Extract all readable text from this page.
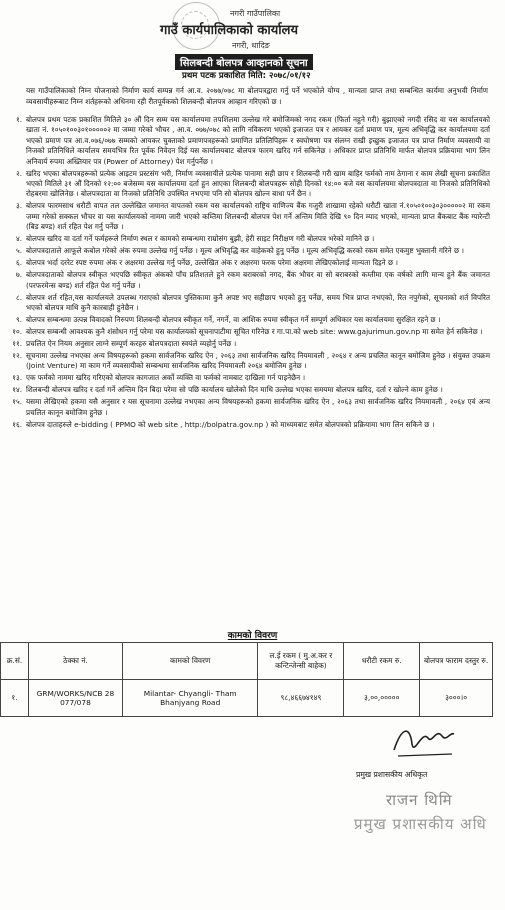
नगरी गाउँपालिका
गाउँ कार्यपालिकाको कार्यालय
नगरी, धादिङ
सिलबन्दी बोलपत्र आव्हानको सूचना
प्रथम पटक प्रकाशित मिति: २०७८/०१/१२

यस गाउँपालिकाको निम्न योजनाको निर्माण कार्य सम्पन्न गर्न आ.व. २०७७/०७८ मा बोलपत्रद्वारा गर्नु पर्ने भएकोले योग्य , मान्यता प्राप्त तथा सम्बन्धित कार्यमा अनुभवी निर्माण व्यवसायीहरूबाट निम्न शर्तहरूको अधिनमा रही रीतपूर्वकको शिलबन्दी बोलपत्र आव्हान गरिएको छ ।

१. बोलपत्र प्रथम पटक प्रकाशित मितिले ३० औं दिन सम्म यस कार्यालयमा तपशिलमा उल्लेख गरे बमोजिमको नगद रकम (फिर्ता नहुने गरी) बुझाएको नगदी रसिद वा यस कार्यालयको खाता नं. १०५०१००३०१०००००२ मा जम्मा गरेको भौचर , आ.व. ०७७/०७८ को लागि नविकरण भएको इजाजत पत्र र आयकर दर्ता प्रमाण पत्र, मूल्य अभिवृद्धि कर कार्यालयमा दर्ता भएको प्रमाण पत्र आ.व.०७६/०७७ सम्मको आयकर चुक्ताको प्रमाणपत्रहरूको प्रमाणित प्रतिलिपिहरू र स्वघोषणा पत्र संलग्न राखी इच्छुक इजाजत पत्र प्राप्त निर्माण व्यवसायी वा निजको प्रतिनिधिले कार्यालय समयभित्र रित पूर्वक निवेदन दिई यस कार्यालयबाट बोलपत्र फारम खरिद गर्न सकिनेछ । अधिकार प्राप्त प्रतिनिधि मार्फत बोलपत्र प्रक्रियामा भाग लिन अनिवार्य रुपमा अख्तियार पत्र (Power of Attorney) पेश गर्नुपर्नेछ ।
२. खरिद भएका बोलपत्रहरूको प्रत्येक आइटम प्रस्टसंग भरी, निर्माण व्यवसायीले प्रत्येक पानामा सही छाप र शिलबन्दी गरी खाम बाहिर फर्मको नाम ठेगाना र काम लेखी सूचना प्रकाशित भएको मितिले ३१ औं दिनको १२:०० बजेसम्म यस कार्यालयमा दर्ता हुन आएका शिलबन्दी बोलपत्रहरू सोही दिनको १४:०० बजे यस कार्यालयमा बोलपत्रदाता वा निजको प्रतिनिधिको रोहबरमा खोलिनेछ । बोलपत्रदाता वा निजको प्रतिनिधि उपस्थित नभएमा पनि सो बोलपत्र खोल्न बाधा पर्ने छैन ।
३. बोलपत्र फारमसाथ धरौटी वापत तल उल्लेखित जमानत वापतको रकम यस कार्यालयको राष्ट्रिय वाणिज्य बैंक गजुरी शाखामा रहेको धरौटी खाता नं.१०५०१००३०३०००००२ मा रकम जम्मा गरेको सक्कल भौचर वा यस कार्यालयको नाममा जारी भएको कम्तिमा शिलबन्दी बोलपत्र पेश गर्ने अन्तिम मिति देखि ९० दिन म्याद भएको, मान्यता प्राप्त बैंकबाट बैंक ग्यारेन्टी (बिड बण्ड) शर्त रहित पेश गर्नु पर्नेछ ।
४. बोलपत्र खरिद वा दर्ता गर्ने फर्महरूले निर्माण स्थल र कामको सम्बन्धमा राम्रोसंग बुझी, हेरी साइट निरीक्षण गरी बोलपत्र भरेको मानिने छ ।
५. बोलपत्रदाताले आफूले कबोल गरेको अंक रुपमा उल्लेख गर्नु पर्नेछ । मूल्य अभिवृद्धि कर वाहेकको हुनु पर्नेछ । मूल्य अभिवृद्धि करको रकम समेत एकमुष्ट भुक्तानी गरिने छ ।
६. बोलपत्र भर्दा दररेट स्पष्ट रुपमा अंक र अक्षरमा उल्लेख गर्नु पर्नेछ, उल्लेखित अंक र अक्षरमा फरक परेमा अक्षरमा लेखिएकोलाई मान्यता दिइने छ ।
७. बोलपत्रदाताको बोलपत्र स्वीकृत भएपछि स्वीकृत अंकको पाँच प्रतिशतले हुने रकम बराबरको नगद, बैंक भौचर वा सो बराबरको कम्तीमा एक वर्षको लागि मान्य हुने बैंक जमानत (परफरमेन्स बण्ड) शर्त रहित पेश गर्नु पर्नेछ ।
८. बोलपत्र शर्त रहित,यस कार्यालयले उपलब्ध गराएको बोलपत्र पुस्तिकामा कुनै अपष्ट भए सहीछाप भएको हुनु पर्नेछ, समय भित्र प्राप्त नभएको, रित नपुगेको, सूचनाको शर्त विपरित भएको बोलपत्र माथि कुनै कारबाही हुनेछैन ।
९. बोलपत्र सम्बन्धमा उत्पन्न विवादको निरुपण शिलबन्दी बोलपत्र स्वीकृत गर्ने, नगर्ने, वा आंशिक रुपमा स्वीकृत गर्ने सम्पूर्ण अधिकार यस कार्यालयमा सुरक्षित रहने छ ।
१०. बोलपत्र सम्बन्धी आवश्यक कुनै शंसोधन गर्नु परेमा यस कार्यालयको सूचनापाटीमा सूचित गरिनेछ र गा.पा.को web site: www.gajurimun.gov.np मा समेत हेर्न सकिनेछ ।
११. प्रचलित ऐन नियम अनुसार लाग्ने सम्पूर्ण करहरु बोलपत्रदाता स्वयंले व्यहोर्नु पर्नेछ ।
१२. सूचनामा उल्लेख नभएका अन्य विषयहरूको हकमा सार्वजनिक खरिद ऐन , २०६३ तथा सार्वजनिक खरिद नियमावली , २०६४ र अन्य प्रचलित कानून बमोजिम हुनेछ । संयुक्त उपक्रम (Joint Venture) मा काम गर्ने व्यवसायीको सम्बन्धमा सार्वजनिक खरिद नियमावली २०६४ बमोजिम हुनेछ ।
१३. एक फर्मको नाममा खरिद गरिएको बोलपत्र कागजात अर्को व्यक्ति वा फर्मको नामबाट दाखिला गर्न पाइनेछैन ।
१४. शिलबन्दी बोलपत्र खरिद र दर्ता गर्ने अन्तिम दिन बिदा परेमा सो पछि कार्यालय खोलेको दिन माथि उल्लेख भएका समयमा बोलपत्र खरिद, दर्ता र खोल्ने काम हुनेछ ।
१५. यसमा लेखिएको हकमा यसै अनुसार र यस सूचनामा उल्लेख नभएका अन्य विषयहरूको हकमा सार्वजनिक खरिद ऐन , २०६३ तथा सार्वजनिक खरिद नियमावली , २०६४ एवं अन्य प्रचलित कानून बमोजिम हुनेछ ।
१६. बोलपत्र दाताहरुले e-bidding ( PPMO को web site , http://bolpatra.gov.np ) को माध्यमबाट समेत बोलपत्रको प्रक्रियामा भाग लिन सकिने छ ।
कामको विवरण
क्र.सं.	ठेक्का नं.	कामको विवरण	ल.ई रकम ( मु.अ.कर र कन्टिन्जेन्सी बाहेक)	धरौटी रकम रु.	बोलपत्र फाराम दस्तुर रु.
१.	GRM/WORKS/NCB 28 077/078	Milantar- Chyangli- Tham Bhanjyang Road	९८,४६६७४१४९	३,००,०००००	३०००।०
प्रमुख प्रशासकीय अधिकृत
राजन थिमि
प्रमुख प्रशासकीय अधि
